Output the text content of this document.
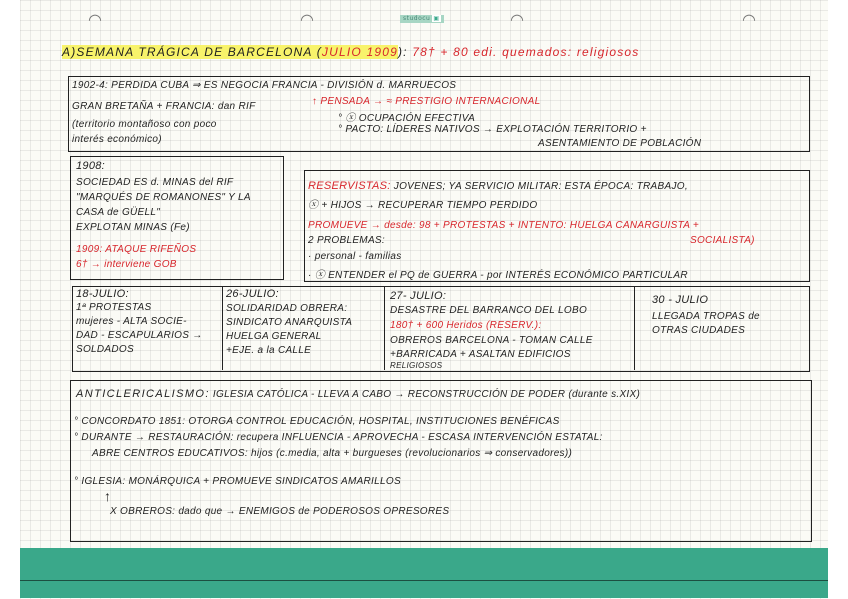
◠	◠	◠	◠
studocu ▣
A)SEMANA TRÁGICA DE BARCELONA (JULIO 1909): 78† + 80 edi. quemados: religiosos
1902-4: PERDIDA CUBA ⇒ ES NEGOCIA FRANCIA - DIVISIÓN d. MARRUECOS
GRAN BRETAÑA + FRANCIA: dan RIF	↑ PENSADA → ≈ PRESTIGIO INTERNACIONAL
(territorio montañoso con poco
° ⓧ OCUPACIÓN EFECTIVA
interés económico)
° PACTO: LÍDERES NATIVOS → EXPLOTACIÓN TERRITORIO +
ASENTAMIENTO DE POBLACIÓN
1908:
SOCIEDAD ES d. MINAS del RIF
"MARQUÉS DE ROMANONES" Y LA
CASA de GÜELL"
EXPLOTAN MINAS (Fe)
1909: ATAQUE RIFEÑOS
6† → interviene GOB
RESERVISTAS: JOVENES; YA SERVICIO MILITAR: ESTA ÉPOCA: TRABAJO,
ⓧ + HIJOS → RECUPERAR TIEMPO PERDIDO
PROMUEVE → desde: 98 + PROTESTAS + INTENTO: HUELGA CANARGUISTA +
SOCIALISTA)
2 PROBLEMAS:
· personal - familias
· ⓧ ENTENDER el PQ de GUERRA - por INTERÉS ECONÓMICO PARTICULAR
18-JULIO:
1ª PROTESTAS
mujeres - ALTA SOCIE-
DAD - ESCAPULARIOS →
SOLDADOS
26-JULIO:
SOLIDARIDAD OBRERA:
SINDICATO ANARQUISTA
HUELGA GENERAL
+EJE. a la CALLE
27- JULIO:
DESASTRE DEL BARRANCO DEL LOBO
180† + 600 Heridos (RESERV.):
OBREROS BARCELONA - TOMAN CALLE
+BARRICADA + ASALTAN EDIFICIOS
RELIGIOSOS
30 - JULIO
LLEGADA TROPAS de
OTRAS CIUDADES
ANTICLERICALISMO: IGLESIA CATÓLICA - LLEVA A CABO → RECONSTRUCCIÓN DE PODER (durante s.XIX)
° CONCORDATO 1851: OTORGA CONTROL EDUCACIÓN, HOSPITAL, INSTITUCIONES BENÉFICAS
° DURANTE → RESTAURACIÓN: recupera INFLUENCIA - APROVECHA - ESCASA INTERVENCIÓN ESTATAL:
ABRE CENTROS EDUCATIVOS: hijos (c.media, alta + burgueses (revolucionarios ⇒ conservadores))
° IGLESIA: MONÁRQUICA + PROMUEVE SINDICATOS AMARILLOS
X OBREROS: dado que → ENEMIGOS de PODEROSOS OPRESORES
↑
